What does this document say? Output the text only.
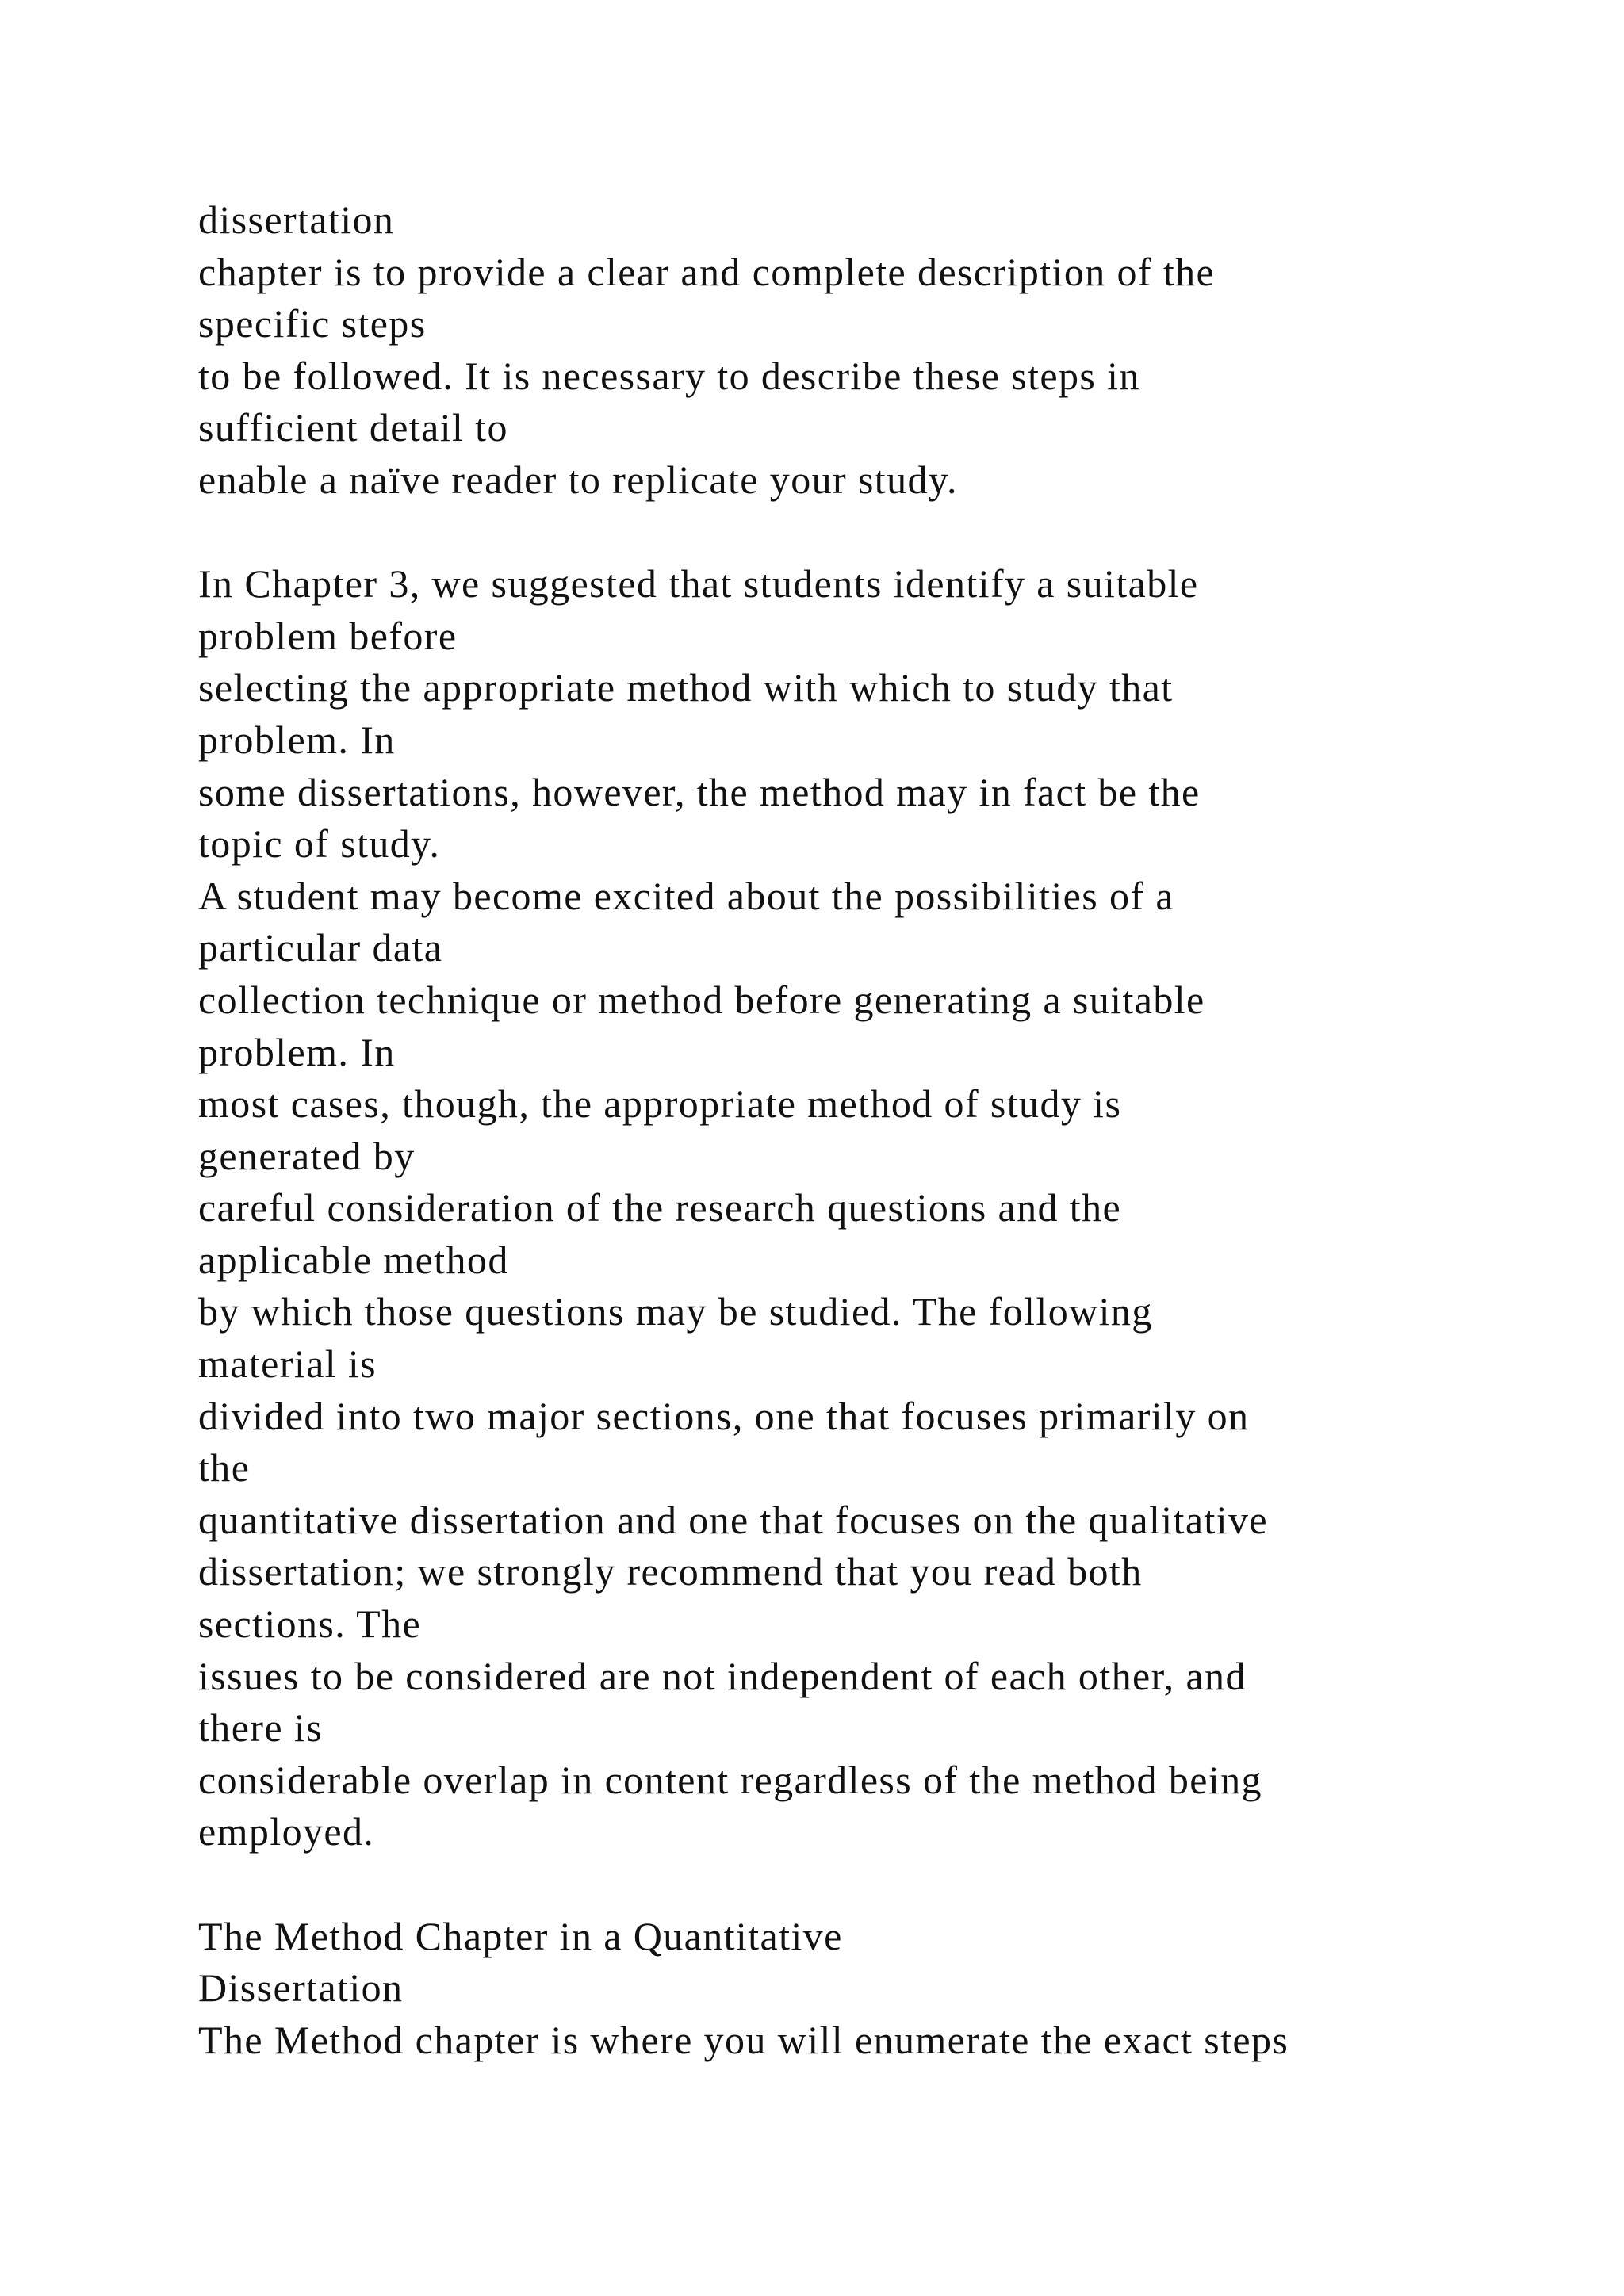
dissertation
chapter is to provide a clear and complete description of the
specific steps
to be followed. It is necessary to describe these steps in
sufficient detail to
enable a naïve reader to replicate your study.
In Chapter 3, we suggested that students identify a suitable
problem before
selecting the appropriate method with which to study that
problem. In
some dissertations, however, the method may in fact be the
topic of study.
A student may become excited about the possibilities of a
particular data
collection technique or method before generating a suitable
problem. In
most cases, though, the appropriate method of study is
generated by
careful consideration of the research questions and the
applicable method
by which those questions may be studied. The following
material is
divided into two major sections, one that focuses primarily on
the
quantitative dissertation and one that focuses on the qualitative
dissertation; we strongly recommend that you read both
sections. The
issues to be considered are not independent of each other, and
there is
considerable overlap in content regardless of the method being
employed.
The Method Chapter in a Quantitative
Dissertation
The Method chapter is where you will enumerate the exact steps
